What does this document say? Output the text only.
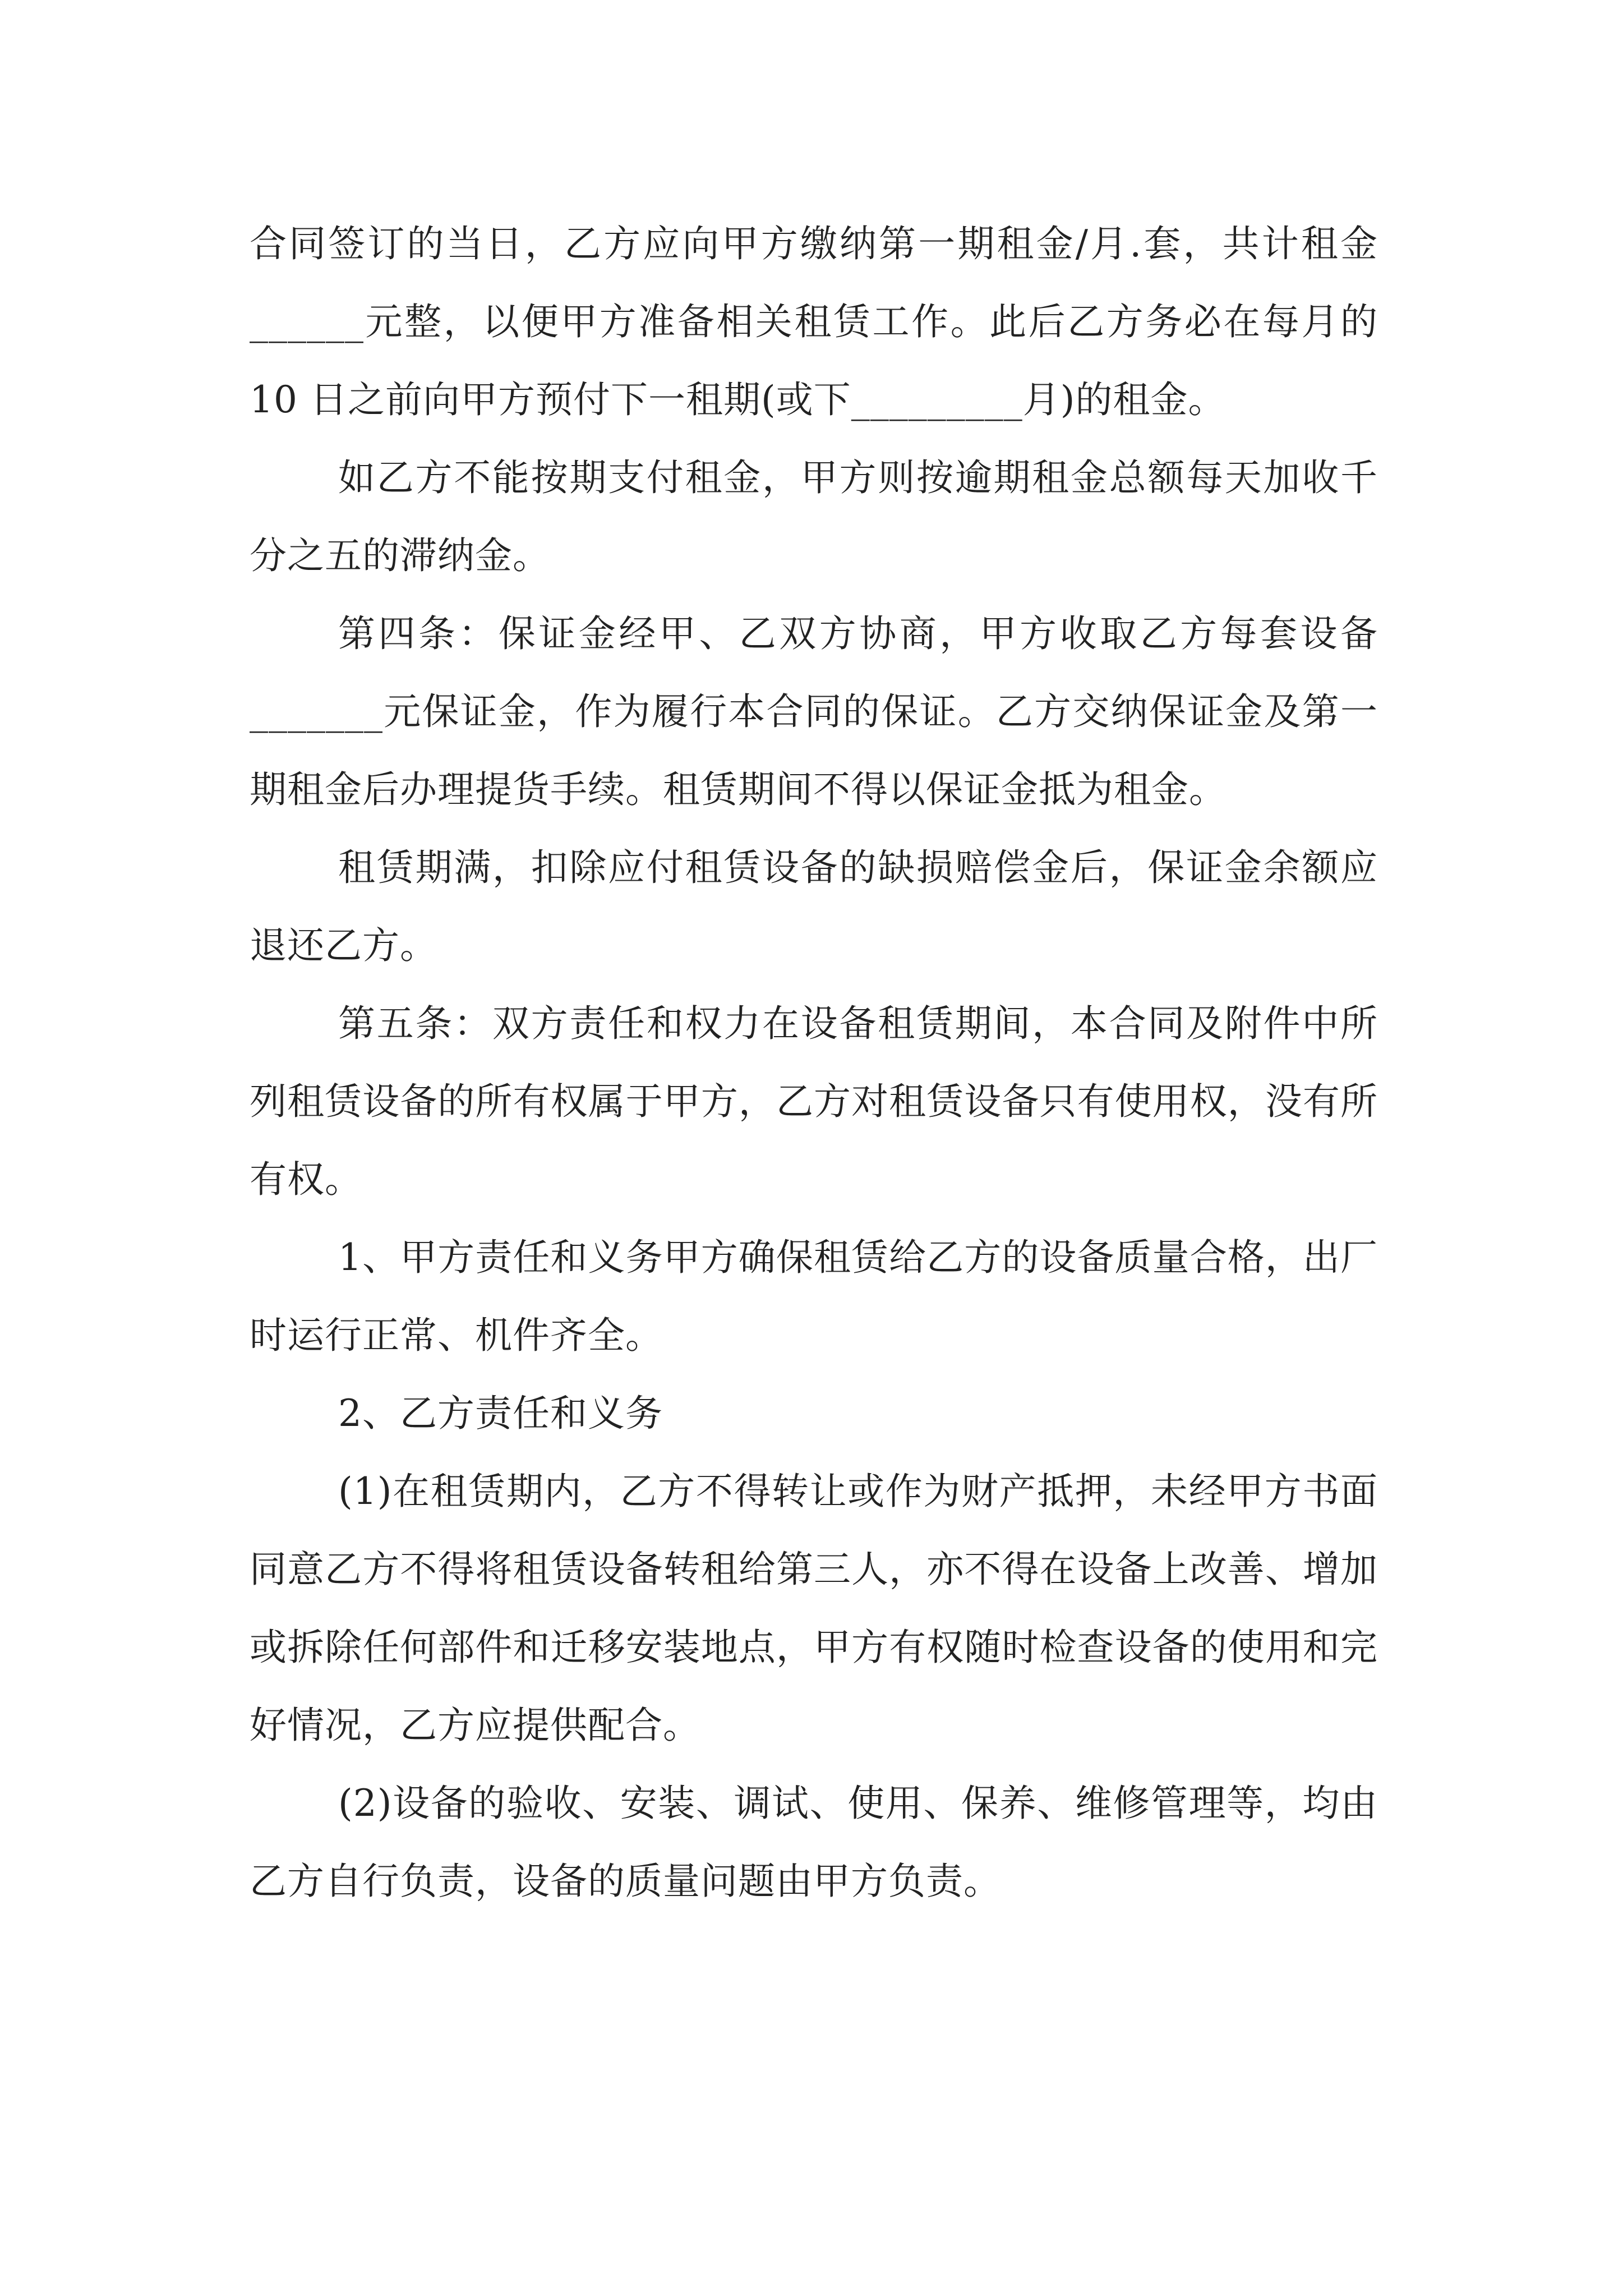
合同签订的当日，乙方应向甲方缴纳第一期租金/月.套，共计租金______元整，以便甲方准备相关租赁工作。此后乙方务必在每月的 10 日之前向甲方预付下一租期(或下_________月)的租金。

如乙方不能按期支付租金，甲方则按逾期租金总额每天加收千分之五的滞纳金。

第四条：保证金经甲、乙双方协商，甲方收取乙方每套设备_______元保证金，作为履行本合同的保证。乙方交纳保证金及第一期租金后办理提货手续。租赁期间不得以保证金抵为租金。

租赁期满，扣除应付租赁设备的缺损赔偿金后，保证金余额应退还乙方。

第五条：双方责任和权力在设备租赁期间，本合同及附件中所列租赁设备的所有权属于甲方，乙方对租赁设备只有使用权，没有所有权。

1、甲方责任和义务甲方确保租赁给乙方的设备质量合格，出厂时运行正常、机件齐全。

2、乙方责任和义务

(1)在租赁期内，乙方不得转让或作为财产抵押，未经甲方书面同意乙方不得将租赁设备转租给第三人，亦不得在设备上改善、增加或拆除任何部件和迁移安装地点，甲方有权随时检查设备的使用和完好情况，乙方应提供配合。

(2)设备的验收、安装、调试、使用、保养、维修管理等，均由乙方自行负责，设备的质量问题由甲方负责。
